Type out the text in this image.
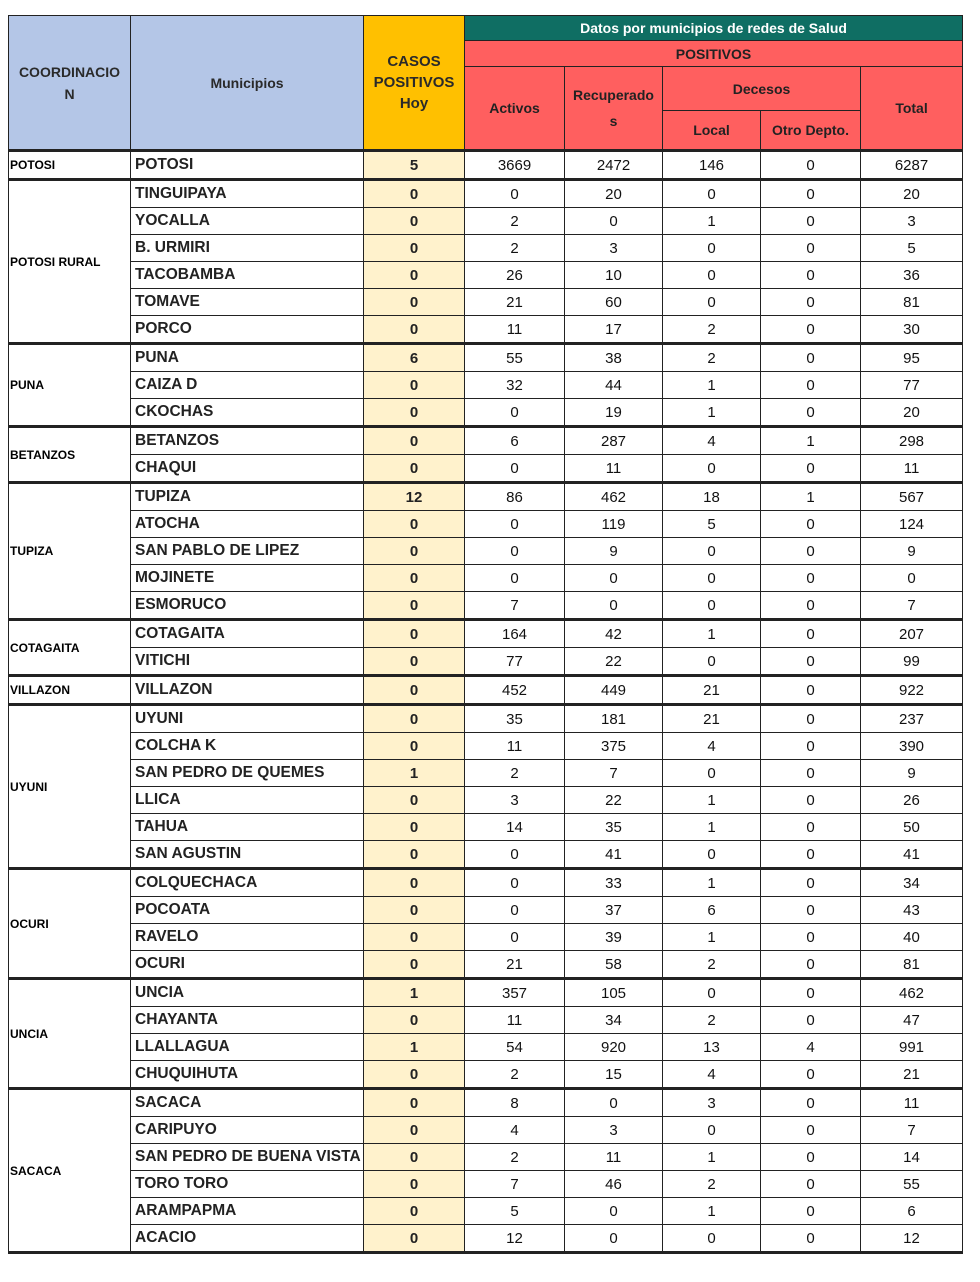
COORDINACIO N	Municipios	CASOS
POSITIVOS
Hoy	Datos por municipios de redes de Salud				
			POSITIVOS				
			Activos	Recuperado s	Decesos		Total
					Local	Otro Depto.	
POTOSI	POTOSI	5	3669	2472	146	0	6287
POTOSI RURAL	TINGUIPAYA	0	0	20	0	0	20
	YOCALLA	0	2	0	1	0	3
	B. URMIRI	0	2	3	0	0	5
	TACOBAMBA	0	26	10	0	0	36
	TOMAVE	0	21	60	0	0	81
	PORCO	0	11	17	2	0	30
PUNA	PUNA	6	55	38	2	0	95
	CAIZA D	0	32	44	1	0	77
	CKOCHAS	0	0	19	1	0	20
BETANZOS	BETANZOS	0	6	287	4	1	298
	CHAQUI	0	0	11	0	0	11
TUPIZA	TUPIZA	12	86	462	18	1	567
	ATOCHA	0	0	119	5	0	124
	SAN PABLO DE LIPEZ	0	0	9	0	0	9
	MOJINETE	0	0	0	0	0	0
	ESMORUCO	0	7	0	0	0	7
COTAGAITA	COTAGAITA	0	164	42	1	0	207
	VITICHI	0	77	22	0	0	99
VILLAZON	VILLAZON	0	452	449	21	0	922
UYUNI	UYUNI	0	35	181	21	0	237
	COLCHA K	0	11	375	4	0	390
	SAN PEDRO DE QUEMES	1	2	7	0	0	9
	LLICA	0	3	22	1	0	26
	TAHUA	0	14	35	1	0	50
	SAN AGUSTIN	0	0	41	0	0	41
OCURI	COLQUECHACA	0	0	33	1	0	34
	POCOATA	0	0	37	6	0	43
	RAVELO	0	0	39	1	0	40
	OCURI	0	21	58	2	0	81
UNCIA	UNCIA	1	357	105	0	0	462
	CHAYANTA	0	11	34	2	0	47
	LLALLAGUA	1	54	920	13	4	991
	CHUQUIHUTA	0	2	15	4	0	21
SACACA	SACACA	0	8	0	3	0	11
	CARIPUYO	0	4	3	0	0	7
	SAN PEDRO DE BUENA VISTA	0	2	11	1	0	14
	TORO TORO	0	7	46	2	0	55
	ARAMPAPMA	0	5	0	1	0	6
	ACACIO	0	12	0	0	0	12
